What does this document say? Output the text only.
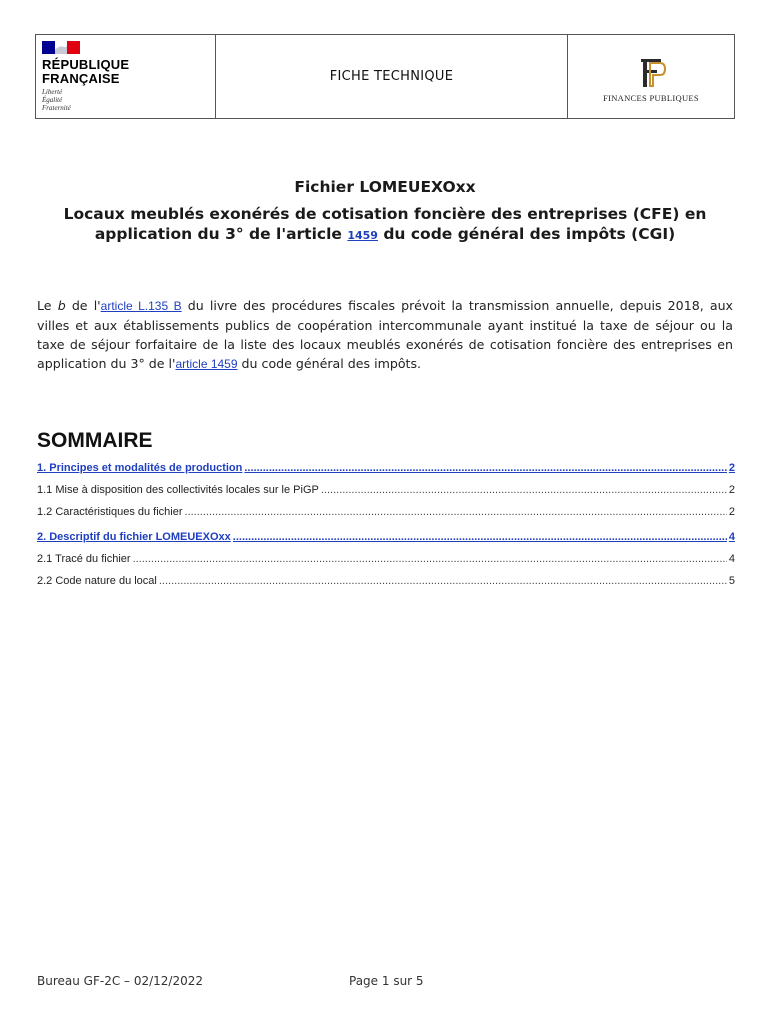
RÉPUBLIQUE
FRANÇAISE
Liberté
Égalité
Fraternité
FICHE TECHNIQUE
FINANCES PUBLIQUES
Fichier LOMEUEXOxx
Locaux meublés exonérés de cotisation foncière des entreprises (CFE) en application du 3° de l'article 1459 du code général des impôts (CGI)
Le b de l'article L.135 B du livre des procédures fiscales prévoit la transmission annuelle, depuis 2018, aux villes et aux établissements publics de coopération intercommunale ayant institué la taxe de séjour ou la taxe de séjour forfaitaire de la liste des locaux meublés exonérés de cotisation foncière des entreprises en application du 3° de l'article 1459 du code général des impôts.
SOMMAIRE
1. Principes et modalités de production .....	2
1.1 Mise à disposition des collectivités locales sur le PiGP .....	2
1.2 Caractéristiques du fichier .....	2
2. Descriptif du fichier LOMEUEXOxx .....	4
2.1 Tracé du fichier .....	4
2.2 Code nature du local .....	5
Bureau GF-2C – 02/12/2022	Page 1 sur 5
